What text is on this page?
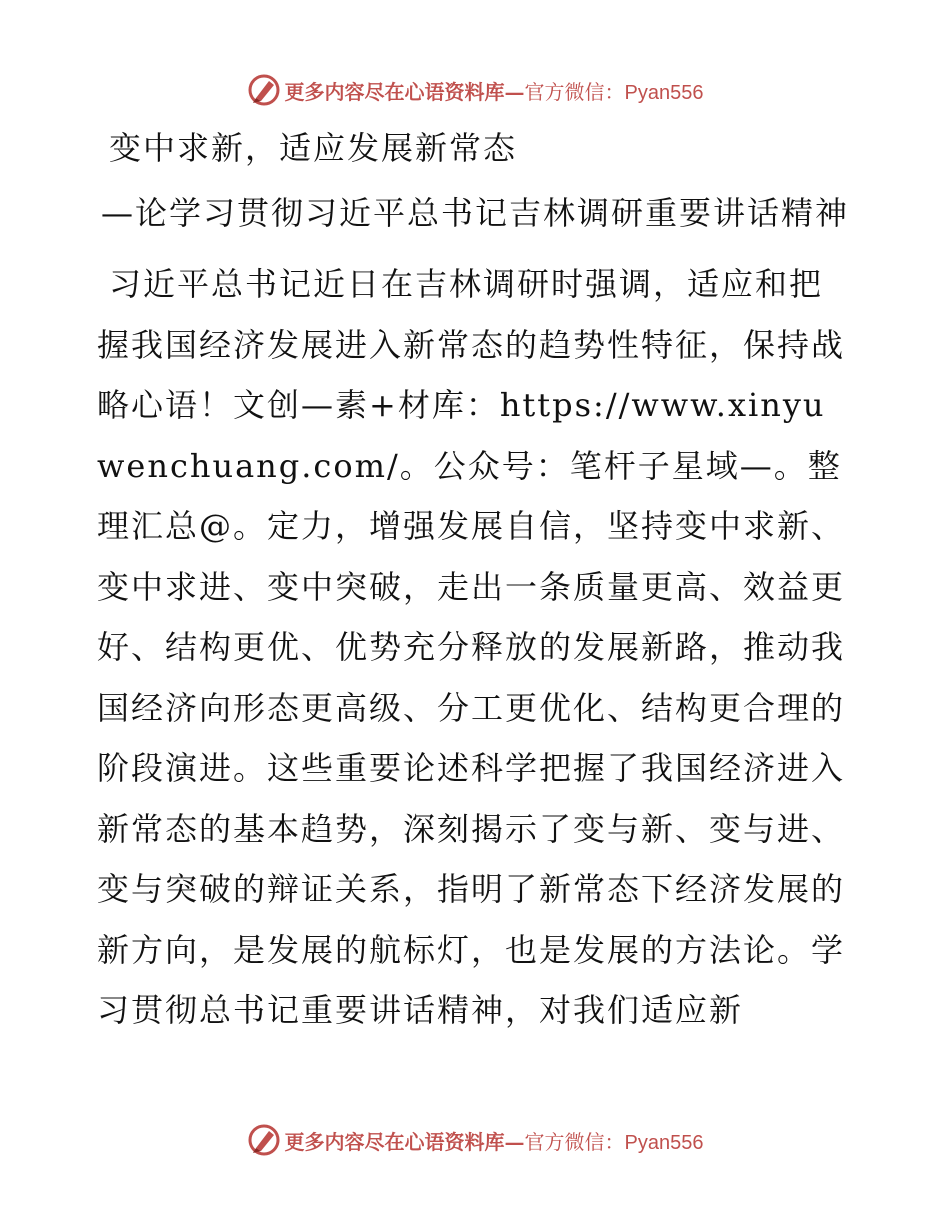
更多内容尽在心语资料库— 官方微信：Pyan556
变中求新，适应发展新常态
—论学习贯彻习近平总书记吉林调研重要讲话精神

习近平总书记近日在吉林调研时强调，适应和把握我国经济发展进入新常态的趋势性特征，保持战略心语！文创—素+材库：https://www.xinyuwenchuang.com/。公众号：笔杆子星域—。整理汇总@。定力，增强发展自信，坚持变中求新、变中求进、变中突破，走出一条质量更高、效益更好、结构更优、优势充分释放的发展新路，推动我国经济向形态更高级、分工更优化、结构更合理的阶段演进。这些重要论述科学把握了我国经济进入新常态的基本趋势，深刻揭示了变与新、变与进、变与突破的辩证关系，指明了新常态下经济发展的新方向，是发展的航标灯，也是发展的方法论。学习贯彻总书记重要讲话精神，对我们适应新

更多内容尽在心语资料库— 官方微信：Pyan556
